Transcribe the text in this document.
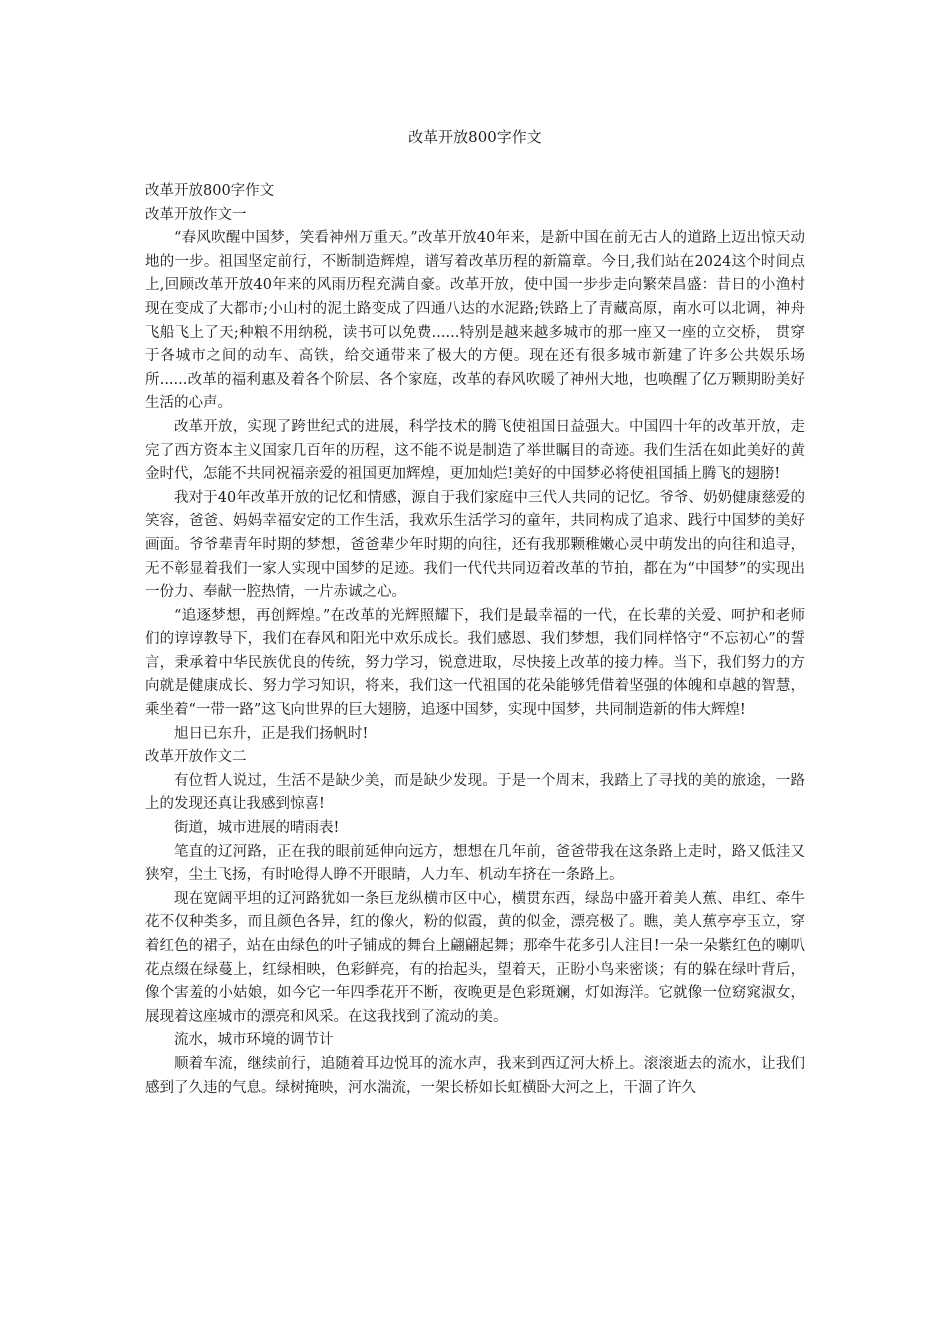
改革开放800字作文

改革开放800字作文

改革开放作文一

“春风吹醒中国梦，笑看神州万重天。”改革开放40年来，是新中国在前无古人的道路上迈出惊天动地的一步。祖国坚定前行，不断制造辉煌，谱写着改革历程的新篇章。今日,我们站在2024这个时间点上,回顾改革开放40年来的风雨历程充满自豪。改革开放，使中国一步步走向繁荣昌盛：昔日的小渔村现在变成了大都市;小山村的泥土路变成了四通八达的水泥路;铁路上了青藏高原，南水可以北调，神舟飞船飞上了天;种粮不用纳税，读书可以免费......特别是越来越多城市的那一座又一座的立交桥， 贯穿于各城市之间的动车、高铁，给交通带来了极大的方便。现在还有很多城市新建了许多公共娱乐场所......改革的福利惠及着各个阶层、各个家庭，改革的春风吹暖了神州大地，也唤醒了亿万颗期盼美好生活的心声。

改革开放，实现了跨世纪式的进展，科学技术的腾飞使祖国日益强大。中国四十年的改革开放，走完了西方资本主义国家几百年的历程，这不能不说是制造了举世瞩目的奇迹。我们生活在如此美好的黄金时代，怎能不共同祝福亲爱的祖国更加辉煌，更加灿烂!美好的中国梦必将使祖国插上腾飞的翅膀!

我对于40年改革开放的记忆和情感，源自于我们家庭中三代人共同的记忆。爷爷、奶奶健康慈爱的笑容，爸爸、妈妈幸福安定的工作生活，我欢乐生活学习的童年，共同构成了追求、践行中国梦的美好画面。爷爷辈青年时期的梦想，爸爸辈少年时期的向往，还有我那颗稚嫩心灵中萌发出的向往和追寻，无不彰显着我们一家人实现中国梦的足迹。我们一代代共同迈着改革的节拍，都在为“中国梦”的实现出一份力、奉献一腔热情，一片赤诚之心。

“追逐梦想，再创辉煌。”在改革的光辉照耀下，我们是最幸福的一代，在长辈的关爱、呵护和老师们的谆谆教导下，我们在春风和阳光中欢乐成长。我们感恩、我们梦想，我们同样恪守“不忘初心”的誓言，秉承着中华民族优良的传统，努力学习，锐意进取，尽快接上改革的接力棒。当下，我们努力的方向就是健康成长、努力学习知识，将来，我们这一代祖国的花朵能够凭借着坚强的体魄和卓越的智慧，乘坐着“一带一路”这飞向世界的巨大翅膀，追逐中国梦，实现中国梦，共同制造新的伟大辉煌!

旭日已东升，正是我们扬帆时!

改革开放作文二

有位哲人说过，生活不是缺少美，而是缺少发现。于是一个周末，我踏上了寻找的美的旅途，一路上的发现还真让我感到惊喜!

街道，城市进展的晴雨表!

笔直的辽河路，正在我的眼前延伸向远方，想想在几年前，爸爸带我在这条路上走时，路又低洼又狭窄，尘土飞扬，有时呛得人睁不开眼睛，人力车、机动车挤在一条路上。

现在宽阔平坦的辽河路犹如一条巨龙纵横市区中心，横贯东西，绿岛中盛开着美人蕉、串红、牵牛花不仅种类多，而且颜色各异，红的像火，粉的似霞，黄的似金，漂亮极了。瞧，美人蕉亭亭玉立，穿着红色的裙子，站在由绿色的叶子铺成的舞台上翩翩起舞；那牵牛花多引人注目!一朵一朵紫红色的喇叭花点缀在绿蔓上，红绿相映，色彩鲜亮，有的抬起头，望着天，正盼小鸟来密谈；有的躲在绿叶背后，像个害羞的小姑娘，如今它一年四季花开不断，夜晚更是色彩斑斓，灯如海洋。它就像一位窈窕淑女，展现着这座城市的漂亮和风采。在这我找到了流动的美。

流水，城市环境的调节计

顺着车流，继续前行，追随着耳边悦耳的流水声，我来到西辽河大桥上。滚滚逝去的流水，让我们感到了久违的气息。绿树掩映，河水湍流，一架长桥如长虹横卧大河之上，干涸了许久
